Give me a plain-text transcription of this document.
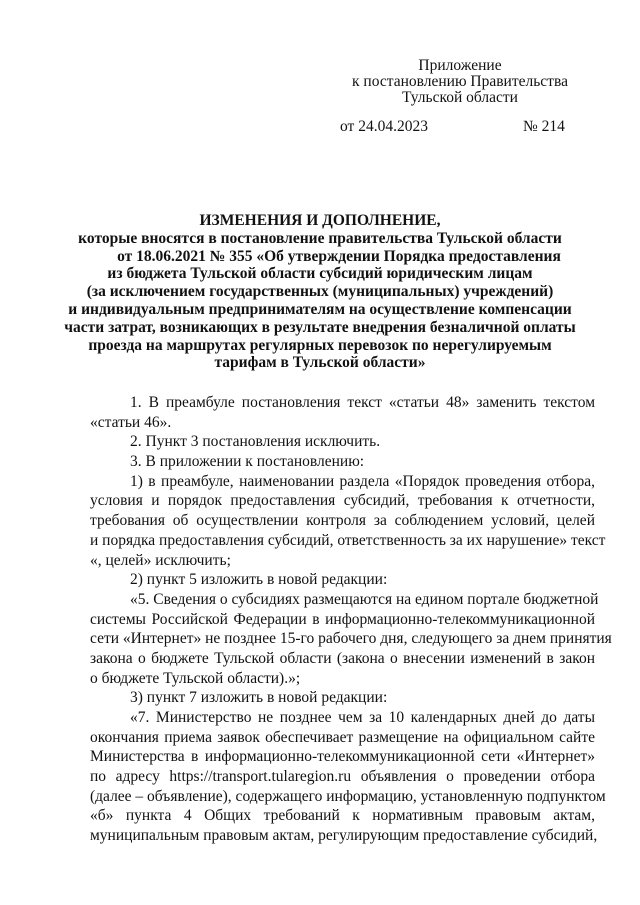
Приложение
к постановлению Правительства
Тульской области
от 24.04.2023	№ 214
ИЗМЕНЕНИЯ И ДОПОЛНЕНИЕ,
которые вносятся в постановление правительства Тульской области
от 18.06.2021 № 355 «Об утверждении Порядка предоставления
из бюджета Тульской области субсидий юридическим лицам
(за исключением государственных (муниципальных) учреждений)
и индивидуальным предпринимателям на осуществление компенсации
части затрат, возникающих в результате внедрения безналичной оплаты
проезда на маршрутах регулярных перевозок по нерегулируемым
тарифам в Тульской области»
1. В преамбуле постановления текст «статьи 48» заменить текстом
«статьи 46».
2. Пункт 3 постановления исключить.
3. В приложении к постановлению:
1) в преамбуле, наименовании раздела «Порядок проведения отбора,
условия и порядок предоставления субсидий, требования к отчетности,
требования об осуществлении контроля за соблюдением условий, целей
и порядка предоставления субсидий, ответственность за их нарушение» текст
«, целей» исключить;
2) пункт 5 изложить в новой редакции:
«5. Сведения о субсидиях размещаются на едином портале бюджетной
системы Российской Федерации в информационно-телекоммуникационной
сети «Интернет» не позднее 15-го рабочего дня, следующего за днем принятия
закона о бюджете Тульской области (закона о внесении изменений в закон
о бюджете Тульской области).»;
3) пункт 7 изложить в новой редакции:
«7. Министерство не позднее чем за 10 календарных дней до даты
окончания приема заявок обеспечивает размещение на официальном сайте
Министерства в информационно-телекоммуникационной сети «Интернет»
по адресу https://transport.tularegion.ru объявления о проведении отбора
(далее – объявление), содержащего информацию, установленную подпунктом
«б» пункта 4 Общих требований к нормативным правовым актам,
муниципальным правовым актам, регулирующим предоставление субсидий,
